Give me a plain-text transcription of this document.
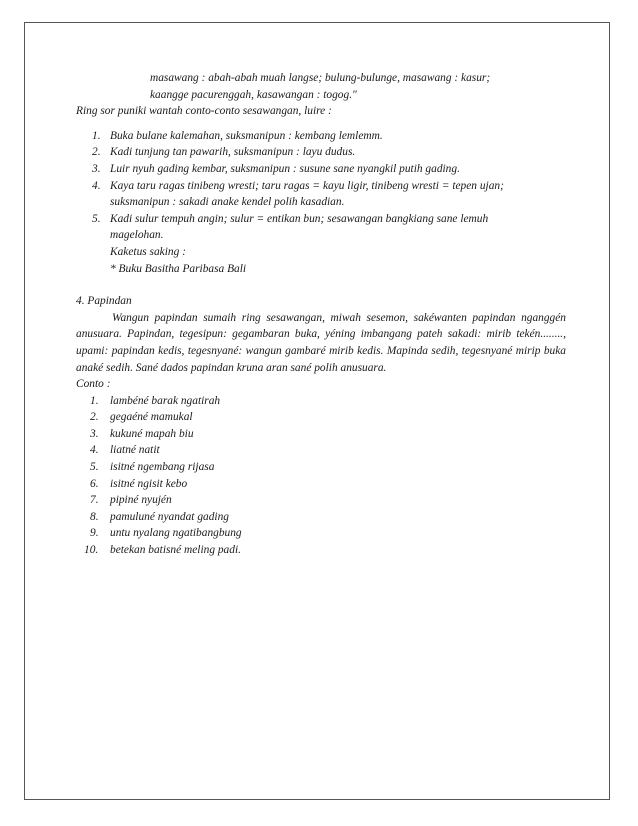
masawang : abah-abah muah langse; bulung-bulunge, masawang : kasur;
kaangge pacurenggah, kasawangan : togog."
Ring sor puniki wantah conto-conto sesawangan, luire :
1. Buka bulane kalemahan, suksmanipun : kembang lemlemm.
2. Kadi tunjung tan pawarih, suksmanipun : layu dudus.
3. Luir nyuh gading kembar, suksmanipun : susune sane nyangkil putih gading.
4. Kaya taru ragas tinibeng wresti; taru ragas = kayu ligir, tinibeng wresti = tepen ujan;
suksmanipun : sakadi anake kendel polih kasadian.
5. Kadi sulur tempuh angin; sulur = entikan bun; sesawangan bangkiang sane lemuh
magelohan.
Kaketus saking :
* Buku Basitha Paribasa Bali
4. Papindan

Wangun papindan sumaih ring sesawangan, miwah sesemon, sakéwanten papindan nganggén anusuara. Papindan, tegesipun: gegambaran buka, yéning imbangang pateh sakadi: mirib tekén........, upami: papindan kedis, tegesnyané: wangun gambaré mirib kedis. Mapinda sedih, tegesnyané mirip buka anaké sedih. Sané dados papindan kruna aran sané polih anusuara.

Conto :
1. lambéné barak ngatirah
2. gegaéné mamukal
3. kukuné mapah biu
4. liatné natit
5. isitné ngembang rijasa
6. isitné ngisit kebo
7. pipiné nyujén
8. pamuluné nyandat gading
9. untu nyalang ngatibangbung
10. betekan batisné meling padi.
